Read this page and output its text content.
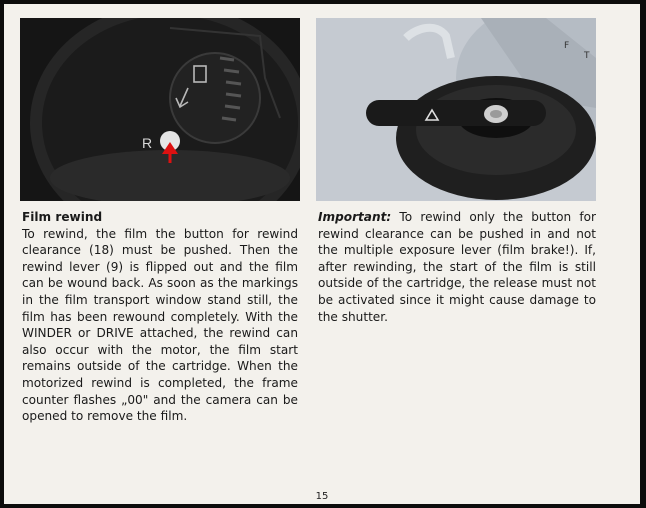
R
F
T
Film rewind
To rewind, the film the button for rewind clearance (18) must be pushed. Then the rewind lever (9) is flipped out and the film can be wound back. As soon as the markings in the film transport window stand still, the film has been rewound completely. With the WINDER or DRIVE attached, the rewind can also occur with the motor, the film start remains outside of the cartridge. When the motorized rewind is completed, the frame counter flashes „00" and the camera can be opened to remove the film.
Important: To rewind only the button for rewind clearance can be pushed in and not the multiple exposure lever (film brake!). If, after rewinding, the start of the film is still outside of the cartridge, the release must not be activated since it might cause damage to the shutter.
15
